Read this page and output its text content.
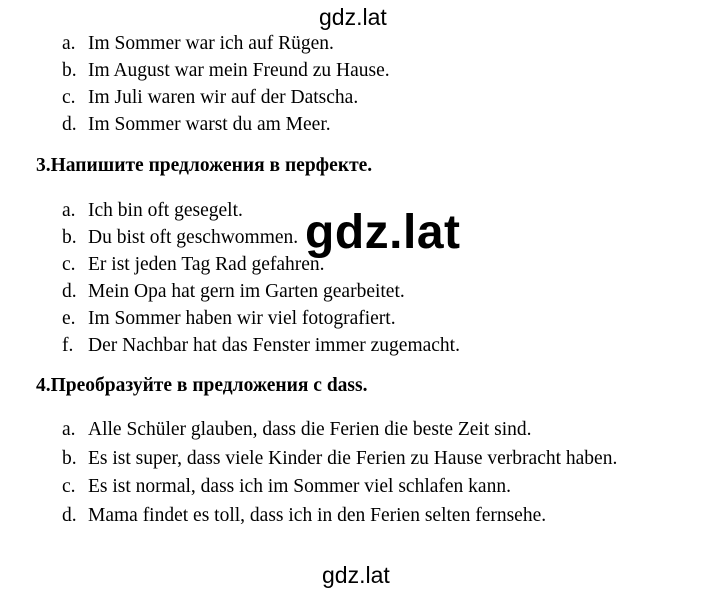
gdz.lat
a. Im Sommer war ich auf Rügen.
b. Im August war mein Freund zu Hause.
c. Im Juli waren wir auf der Datscha.
d. Im Sommer warst du am Meer.
3.Напишите предложения в перфекте.
a. Ich bin oft gesegelt.
b. Du bist oft geschwommen.
c. Er ist jeden Tag Rad gefahren.
d. Mein Opa hat gern im Garten gearbeitet.
e. Im Sommer haben wir viel fotografiert.
f. Der Nachbar hat das Fenster immer zugemacht.
gdz.lat
4.Преобразуйте в предложения с dass.
a. Alle Schüler glauben, dass die Ferien die beste Zeit sind.
b. Es ist super, dass viele Kinder die Ferien zu Hause verbracht haben.
c. Es ist normal, dass ich im Sommer viel schlafen kann.
d. Mama findet es toll, dass ich in den Ferien selten fernsehe.
gdz.lat
